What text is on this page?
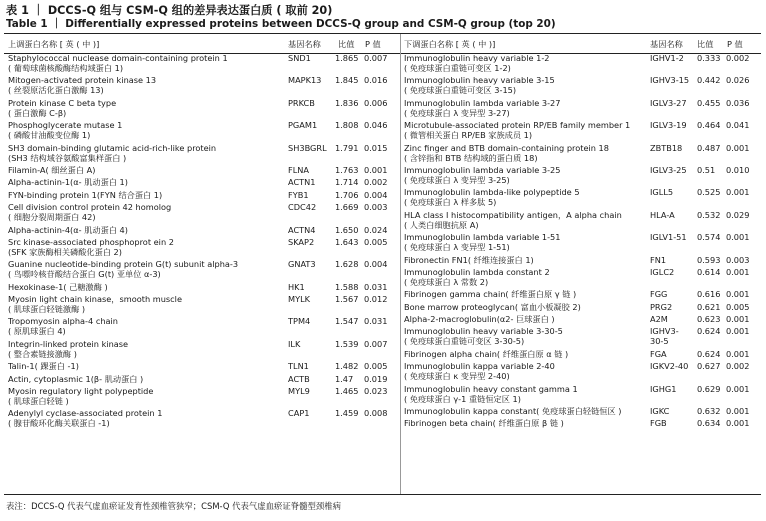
表 1 ｜ DCCS-Q 组与 CSM-Q 组的差异表达蛋白质 ( 取前 20)
Table 1 ｜ Differentially expressed proteins between DCCS-Q group and CSM-Q group (top 20)
上调蛋白名称 [ 英 ( 中 )]	基因名称 比值 P 值
Staphylococcal nuclease domain-containing protein 1
( 葡萄球菌核酸酶结构域蛋白 1)
SND1	1.865 0.007
Mitogen-activated protein kinase 13
( 丝裂原活化蛋白激酶 13)
MAPK13 1.845 0.016
Protein kinase C beta type
( 蛋白激酶 C-β)
PRKCB 1.836 0.006
Phosphoglycerate mutase 1
( 磷酸甘油酸变位酶 1)
PGAM1 1.808 0.046
SH3 domain-binding glutamic acid-rich-like protein
(SH3 结构域谷氨酸富集样蛋白 )
SH3BGRL 1.791 0.015
Filamin-A( 细丝蛋白 A)	FLNA	1.763 0.001
Alpha-actinin-1(α- 肌动蛋白 1)	ACTN1 1.714 0.002
FYN-binding protein 1(FYN 结合蛋白 1)	FYB1	1.706 0.004
Cell division control protein 42 homolog
( 细胞分裂周期蛋白 42)
CDC42 1.669 0.003
Alpha-actinin-4(α- 肌动蛋白 4)	ACTN4 1.650 0.024
Src kinase-associated phosphoprot ein 2
(SFK 家族酶相关磷酸化蛋白 2)
SKAP2	1.643 0.005
Guanine nucleotide-binding protein G(t) subunit alpha-3
( 鸟嘌呤核苷酸结合蛋白 G(t) 亚单位 α-3)
GNAT3 1.628 0.004
Hexokinase-1( 己糖激酶 )	HK1	1.588 0.031
Myosin light chain kinase，smooth muscle
( 肌球蛋白轻链激酶 )
MYLK	1.567 0.012
Tropomyosin alpha-4 chain
( 原肌球蛋白 4)
TPM4	1.547 0.031
Integrin-linked protein kinase
( 整合素链接激酶 )
ILK	1.539 0.007
Talin-1( 踝蛋白 -1)	TLN1	1.482 0.005
Actin, cytoplasmic 1(β- 肌动蛋白 )	ACTB	1.47 0.019
Myosin regulatory light polypeptide
( 肌球蛋白轻链 )
MYL9	1.465 0.023
Adenylyl cyclase-associated protein 1
( 腺苷酸环化酶关联蛋白 -1)
CAP1	1.459 0.008
下调蛋白名称 [ 英 ( 中 )]	基因名称 比值 P 值
Immunoglobulin heavy variable 1-2
( 免疫球蛋白重链可变区 1-2)
IGHV1-2 0.333 0.002
Immunoglobulin heavy variable 3-15
( 免疫球蛋白重链可变区 3-15)
IGHV3-15 0.442 0.026
Immunoglobulin lambda variable 3-27
( 免疫球蛋白 λ 变异型 3-27)
IGLV3-27 0.455 0.036
Microtubule-associated protein RP/EB family member 1
( 微管相关蛋白 RP/EB 家族成员 1)
IGLV3-19 0.464 0.041
Zinc finger and BTB domain-containing protein 18
( 含锌指和 BTB 结构域的蛋白质 18)
ZBTB18 0.487 0.001
Immunoglobulin lambda variable 3-25
( 免疫球蛋白 λ 变异型 3-25)
IGLV3-25 0.51 0.010
Immunoglobulin lambda-like polypeptide 5
( 免疫球蛋白 λ 样多肽 5)
IGLL5	0.525 0.001
HLA class I histocompatibility antigen，A alpha chain
( 人类白细胞抗原 A)
HLA-A	0.532 0.029
Immunoglobulin lambda variable 1-51
( 免疫球蛋白 λ 变异型 1-51)
IGLV1-51 0.574 0.001
Fibronectin FN1( 纤维连接蛋白 1)	FN1	0.593 0.003
Immunoglobulin lambda constant 2
( 免疫球蛋白 λ 常数 2)
IGLC2	0.614 0.001
Fibrinogen gamma chain( 纤维蛋白原 γ 链 )	FGG	0.616 0.001
Bone marrow proteoglycan( 富血小板凝胶 2)	PRG2	0.621 0.005
Alpha-2-macroglobulin(α2- 巨球蛋白 )	A2M	0.623 0.001
Immunoglobulin heavy variable 3-30-5
( 免疫球蛋白重链可变区 3-30-5)
IGHV3-
30-5
0.624 0.001
Fibrinogen alpha chain( 纤维蛋白原 α 链 )	FGA	0.624 0.001
Immunoglobulin kappa variable 2-40
( 免疫球蛋白 κ 变异型 2-40)
IGKV2-40 0.627 0.002
Immunoglobulin heavy constant gamma 1
( 免疫球蛋白 γ-1 重链恒定区 1)
IGHG1	0.629 0.001
Immunoglobulin kappa constant( 免疫球蛋白轻链恒区 )	IGKC	0.632 0.001
Fibrinogen beta chain( 纤维蛋白原 β 链 )	FGB	0.634 0.001
表注：DCCS-Q 代表气虚血瘀证发育性颈椎管狭窄；CSM-Q 代表气虚血瘀证脊髓型颈椎病
